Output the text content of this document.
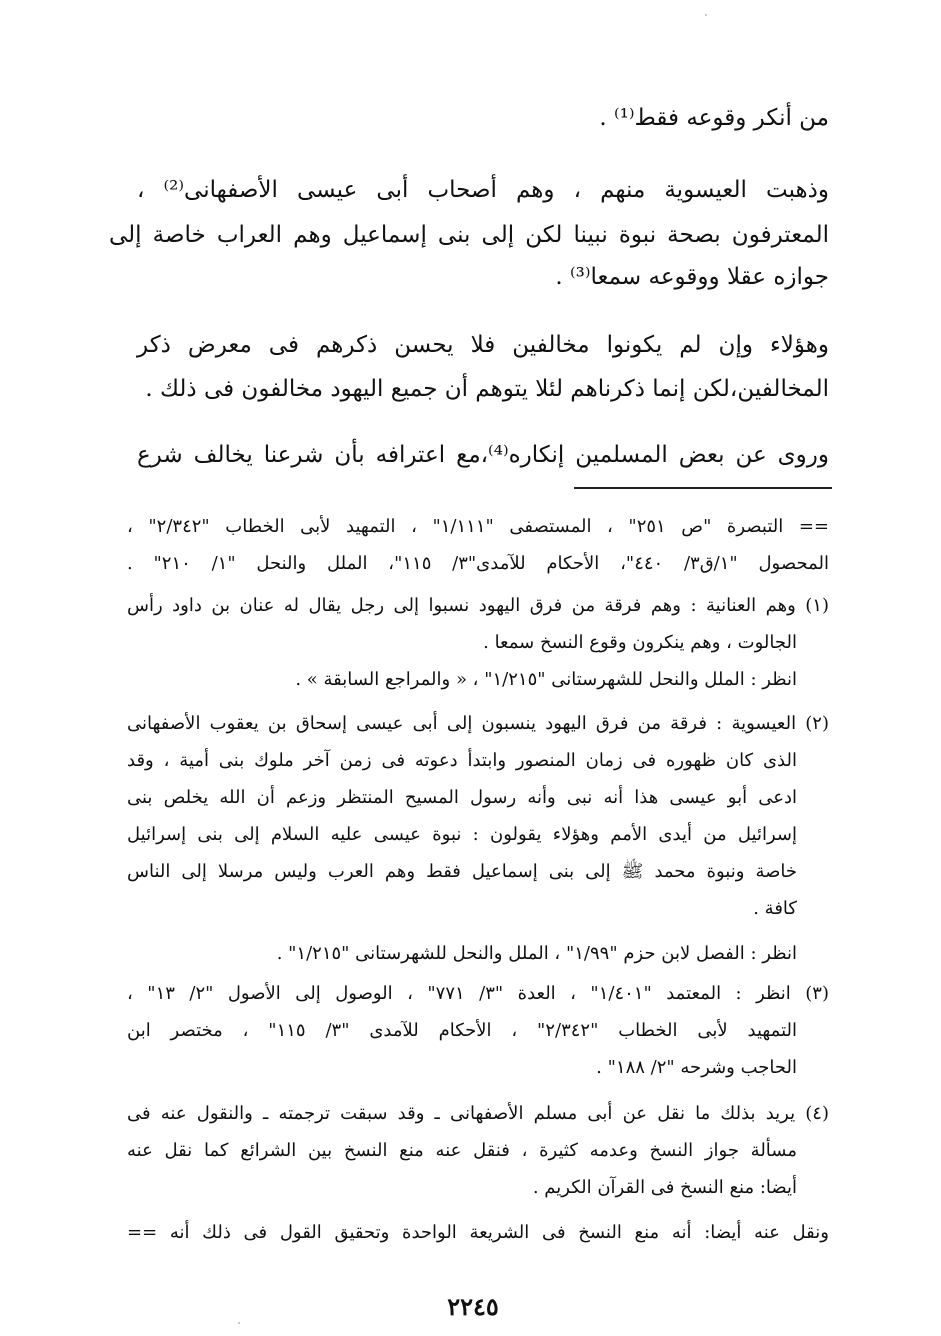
من أنكر وقوعه فقط⁽¹⁾ .
وذهبت العيسوية منهم ، وهم أصحاب أبى عيسى الأصفهانى⁽²⁾ ،
المعترفون بصحة نبوة نبينا لكن إلى بنى إسماعيل وهم العراب خاصة إلى
جوازه عقلا ووقوعه سمعا⁽³⁾ .
وهؤلاء وإن لم يكونوا مخالفين فلا يحسن ذكرهم فى معرض ذكر
المخالفين،لكن إنما ذكرناهم لئلا يتوهم أن جميع اليهود مخالفون فى ذلك .
وروى عن بعض المسلمين إنكاره⁽⁴⁾،مع اعترافه بأن شرعنا يخالف شرع
== التبصرة "ص ٢٥١" ، المستصفى "١/١١١" ، التمهيد لأبى الخطاب "٢/٣٤٢" ،
المحصول "١/ق٣/ ٤٤٠"، الأحكام للآمدى"٣/ ١١٥"، الملل والنحل "١/ ٢١٠" .
(١) وهم العنانية : وهم فرقة من فرق اليهود نسبوا إلى رجل يقال له عنان بن داود رأس
الجالوت ، وهم ينكرون وقوع النسخ سمعا .
انظر : الملل والنحل للشهرستانى "١/٢١٥" ، « والمراجع السابقة » .
(٢) العيسوية : فرقة من فرق اليهود ينسبون إلى أبى عيسى إسحاق بن يعقوب الأصفهانى
الذى كان ظهوره فى زمان المنصور وابتدأ دعوته فى زمن آخر ملوك بنى أمية ، وقد
ادعى أبو عيسى هذا أنه نبى وأنه رسول المسيح المنتظر وزعم أن الله يخلص بنى
إسرائيل من أيدى الأمم وهؤلاء يقولون : نبوة عيسى عليه السلام إلى بنى إسرائيل
خاصة ونبوة محمد ﷺ إلى بنى إسماعيل فقط وهم العرب وليس مرسلا إلى الناس
كافة .
انظر : الفصل لابن حزم "١/٩٩" ، الملل والنحل للشهرستانى "١/٢١٥" .
(٣) انظر : المعتمد "١/٤٠١" ، العدة "٣/ ٧٧١" ، الوصول إلى الأصول "٢/ ١٣" ،
التمهيد لأبى الخطاب "٢/٣٤٢" ، الأحكام للآمدى "٣/ ١١٥" ، مختصر ابن
الحاجب وشرحه "٢/ ١٨٨" .
(٤) يريد بذلك ما نقل عن أبى مسلم الأصفهانى ـ وقد سبقت ترجمته ـ والنقول عنه فى
مسألة جواز النسخ وعدمه كثيرة ، فنقل عنه منع النسخ بين الشرائع كما نقل عنه
أيضا: منع النسخ فى القرآن الكريم .
ونقل عنه أيضا: أنه منع النسخ فى الشريعة الواحدة وتحقيق القول فى ذلك أنه ==
٢٢٤٥
